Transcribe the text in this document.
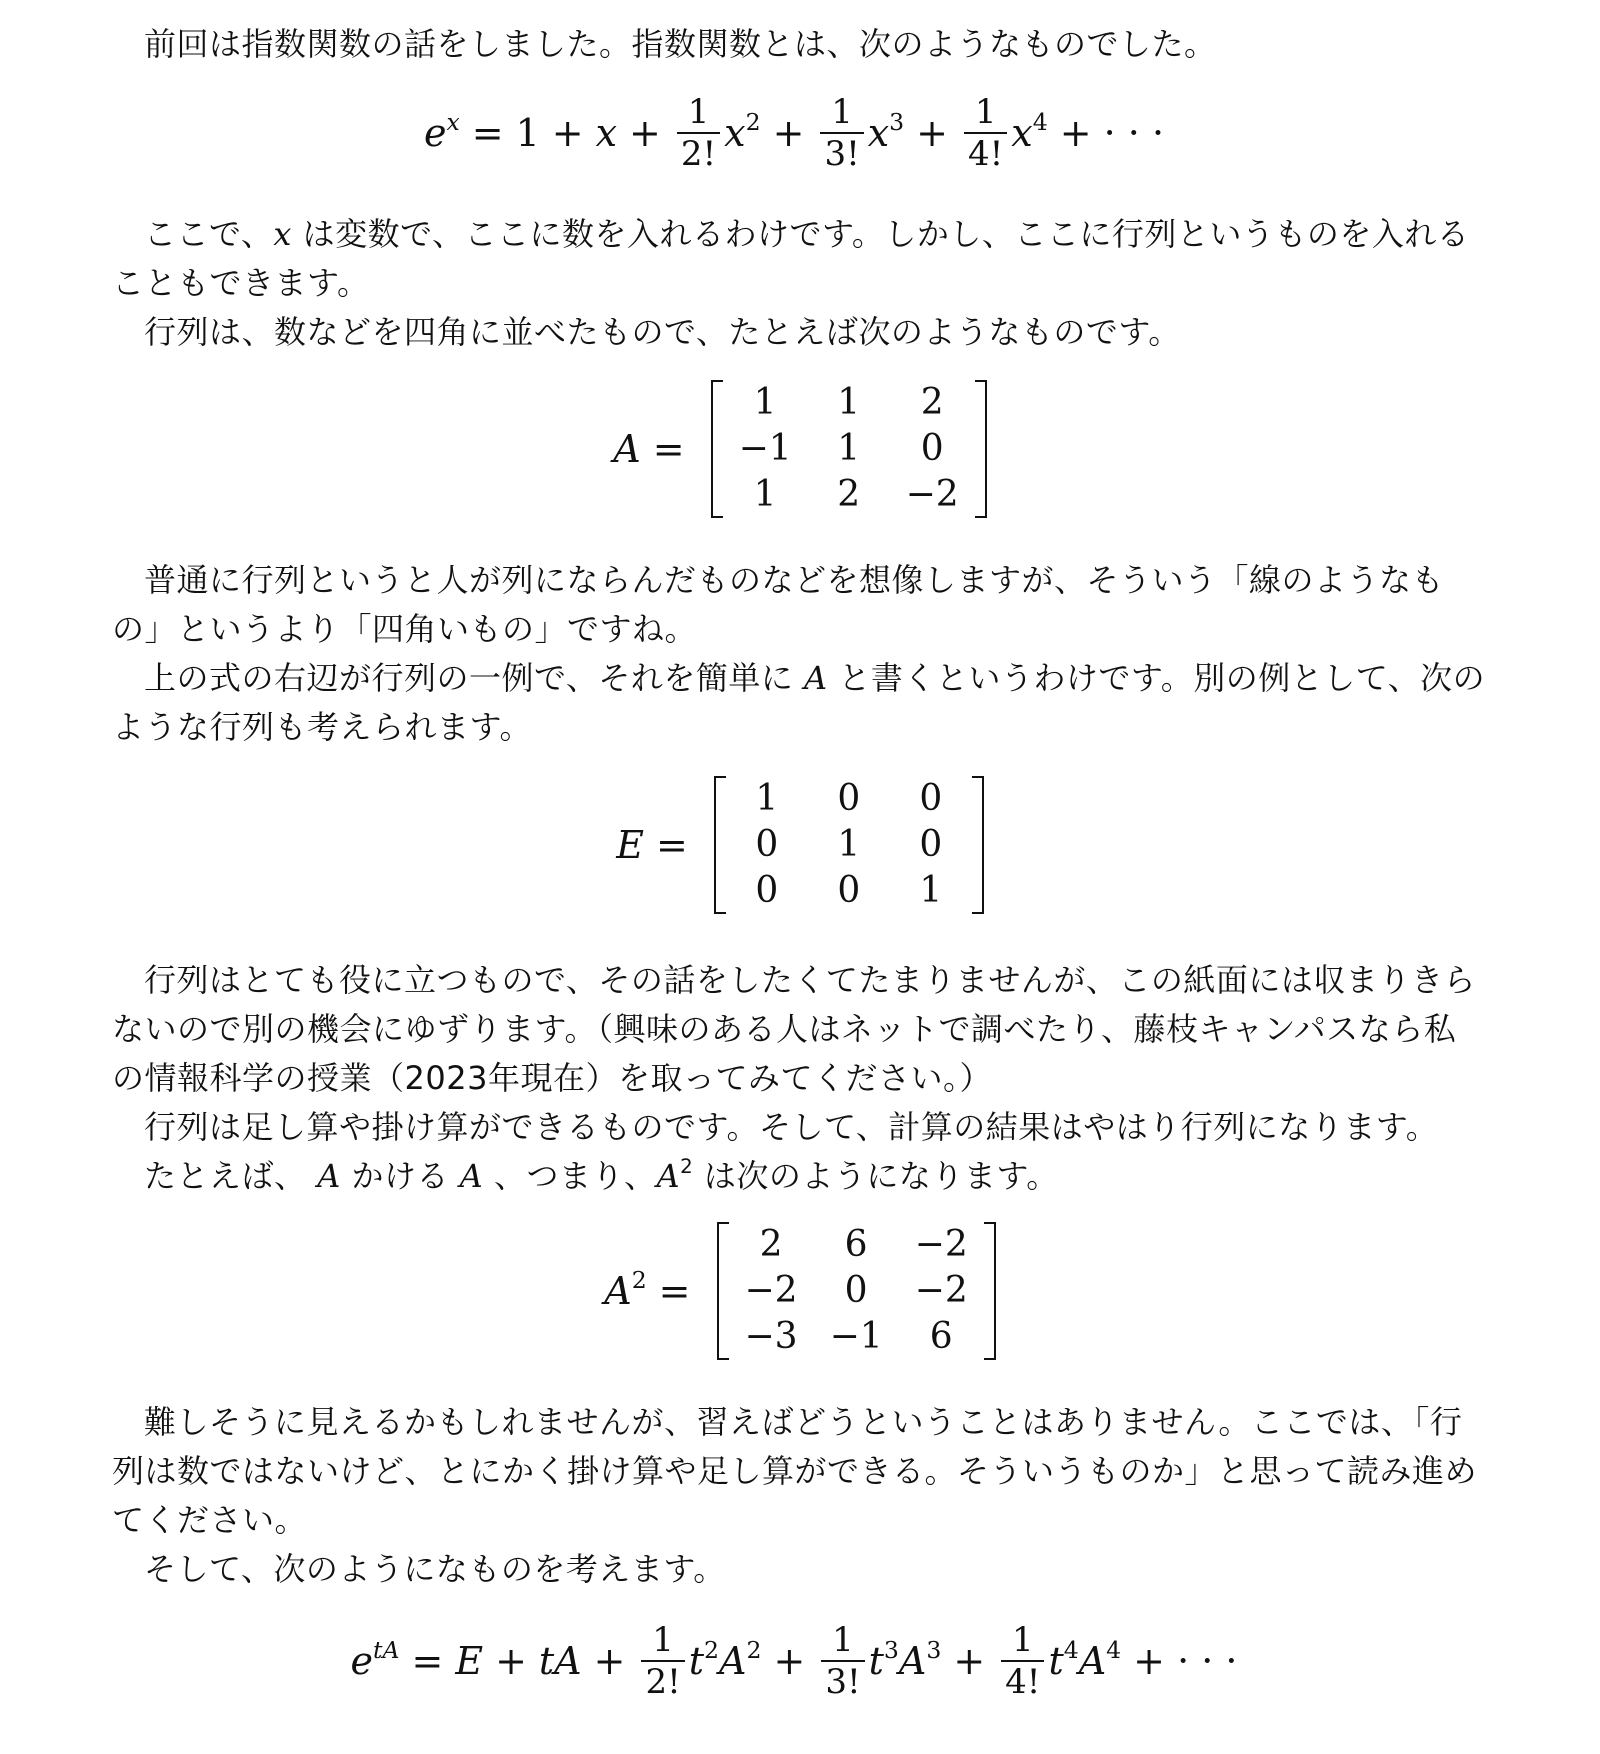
前回は指数関数の話をしました。指数関数とは、次のようなものでした。
$e^x = 1 + x + \frac{1}{2!} x^2 + \frac{1}{3!} x^3 + \frac{1}{4!} x^4$ + · · ·
ここで、x は変数で、ここに数を入れるわけです。しかし、ここに行列というものを入れる
こともできます。
行列は、数などを四角に並べたもので、たとえば次のようなものです。
A =
1	1	2
−1	1	0
1	2	−2
普通に行列というと人が列にならんだものなどを想像しますが、そういう「線のようなも
の」というより「四角いもの」ですね。
上の式の右辺が行列の一例で、それを簡単に A と書くというわけです。別の例として、次の
ような行列も考えられます。
E =
1	0	0
0	1	0
0	0	1
行列はとても役に立つもので、その話をしたくてたまりませんが、この紙面には収まりきら
ないので別の機会にゆずります。（興味のある人はネットで調べたり、藤枝キャンパスなら私
の情報科学の授業（2023年現在）を取ってみてください。）
行列は足し算や掛け算ができるものです。そして、計算の結果はやはり行列になります。
たとえば、 A かける A 、つまり、$A^2$ は次のようになります。
$A^2$ =
2	6	−2
−2	0	−2
−3	−1	6
難しそうに見えるかもしれませんが、習えばどうということはありません。ここでは、「行
列は数ではないけど、とにかく掛け算や足し算ができる。そういうものか」と思って読み進め
てください。
そして、次のようになものを考えます。
$e^{tA} = E$ + tA + $\frac{1}{2!} t^2A^2 + \frac{1}{3!} t^3A^3 + \frac{1}{4!} t^4A^4$ + · · ·
